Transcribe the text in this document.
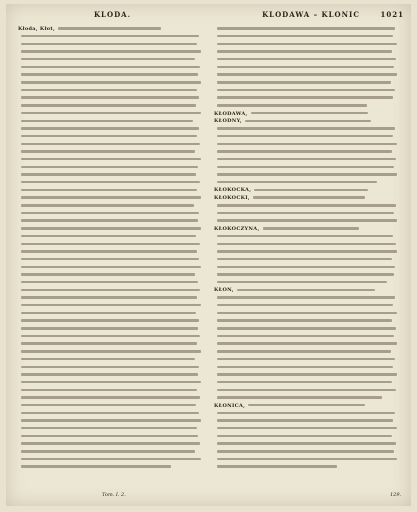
KLODA.	KLODAWA – KLONIC	1021
Kłoda, Kłot,
KŁODAWA,
KŁODNY,
KŁOKOCKA,
KŁOKOCKI,
KŁOKOCZYNA,
KŁON,
KŁONICA,
Tom. I. 2.	129.
